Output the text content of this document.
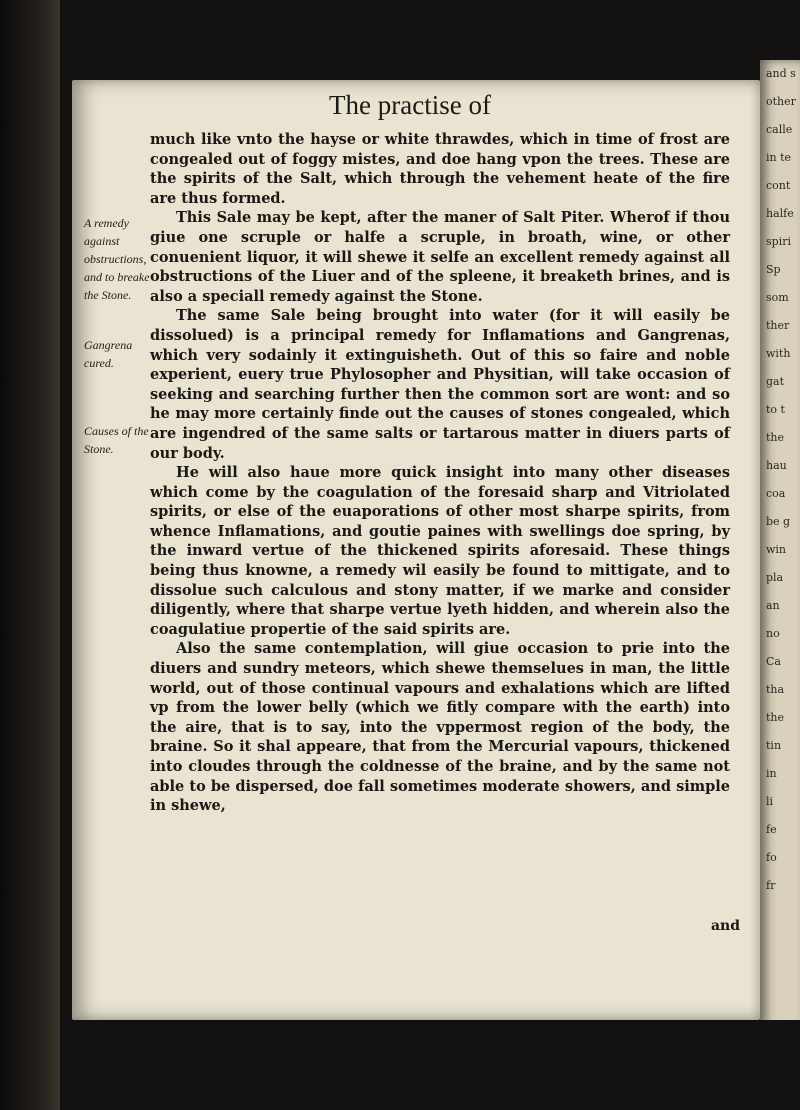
and s
other
calle
in te
cont
halfe
spiri
Sp
som
ther
with
gat
to t
the
hau
coa
be g
win
pla
an
no
Ca
tha
the
tin
in
li
fe
fo
fr
The practise of
A remedy against obstructions, and to breake the Stone.
Gangrena cured.
Causes of the Stone.

much like vnto the hayse or white thrawdes, which in time of frost are congealed out of foggy mistes, and doe hang vpon the trees. These are the spirits of the Salt, which through the vehement heate of the fire are thus formed.

This Sale may be kept, after the maner of Salt Piter. Wherof if thou giue one scruple or halfe a scruple, in broath, wine, or other conuenient liquor, it will shewe it selfe an excellent remedy against all obstructions of the Liuer and of the spleene, it breaketh brines, and is also a speciall remedy against the Stone.

The same Sale being brought into water (for it will easily be dissolued) is a principal remedy for Inflamations and Gangrenas, which very sodainly it extinguisheth. Out of this so faire and noble experient, euery true Phylosopher and Physitian, will take occasion of seeking and searching further then the common sort are wont: and so he may more certainly finde out the causes of stones congealed, which are ingendred of the same salts or tartarous matter in diuers parts of our body.

He will also haue more quick insight into many other diseases which come by the coagulation of the foresaid sharp and Vitriolated spirits, or else of the euaporations of other most sharpe spirits, from whence Inflamations, and goutie paines with swellings doe spring, by the inward vertue of the thickened spirits aforesaid. These things being thus knowne, a remedy wil easily be found to mittigate, and to dissolue such calculous and stony matter, if we marke and consider diligently, where that sharpe vertue lyeth hidden, and wherein also the coagulatiue propertie of the said spirits are.

Also the same contemplation, will giue occasion to prie into the diuers and sundry meteors, which shewe themselues in man, the little world, out of those continual vapours and exhalations which are lifted vp from the lower belly (which we fitly compare with the earth) into the aire, that is to say, into the vppermost region of the body, the braine. So it shal appeare, that from the Mercurial vapours, thickened into cloudes through the coldnesse of the braine, and by the same not able to be dispersed, doe fall sometimes moderate showers, and simple in shewe,

and
